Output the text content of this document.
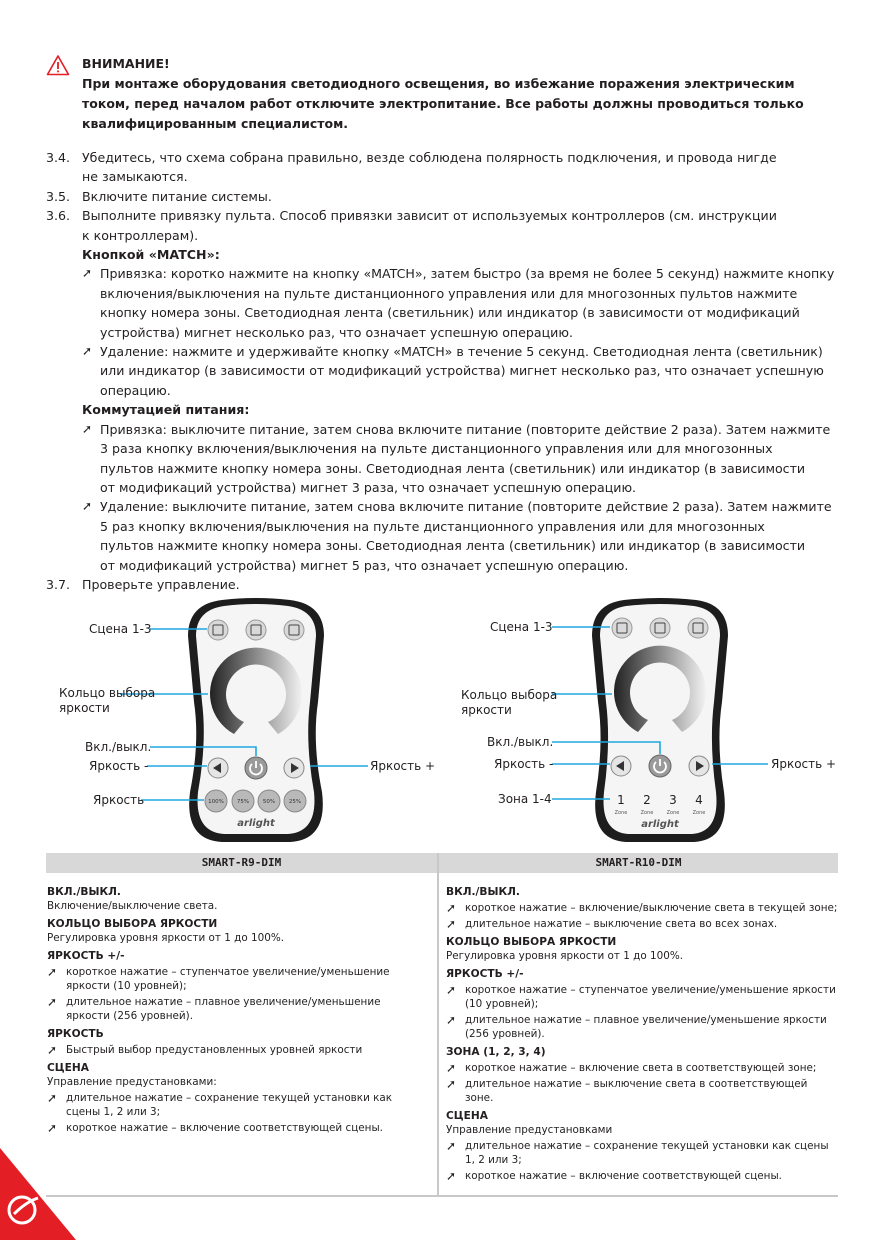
ВНИМАНИЕ!
При монтаже оборудования светодиодного освещения, во избежание поражения электрическим
током, перед началом работ отключите электропитание. Все работы должны проводиться только
квалифицированным специалистом.
3.4. Убедитесь, что схема собрана правильно, везде соблюдена полярность подключения, и провода нигде
не замыкаются.
3.5. Включите питание системы.
3.6. Выполните привязку пульта. Способ привязки зависит от используемых контроллеров (см. инструкции
к контроллерам).
Кнопкой «MATCH»:
➚ Привязка: коротко нажмите на кнопку «MATCH», затем быстро (за время не более 5 секунд) нажмите кнопку
включения/выключения на пульте дистанционного управления или для многозонных пультов нажмите
кнопку номера зоны. Светодиодная лента (светильник) или индикатор (в зависимости от модификаций
устройства) мигнет несколько раз, что означает успешную операцию.
➚ Удаление: нажмите и удерживайте кнопку «MATCH» в течение 5 секунд. Светодиодная лента (светильник)
или индикатор (в зависимости от модификаций устройства) мигнет несколько раз, что означает успешную
операцию.
Коммутацией питания:
➚ Привязка: выключите питание, затем снова включите питание (повторите действие 2 раза). Затем нажмите
3 раза кнопку включения/выключения на пульте дистанционного управления или для многозонных
пультов нажмите кнопку номера зоны. Светодиодная лента (светильник) или индикатор (в зависимости
от модификаций устройства) мигнет 3 раза, что означает успешную операцию.
➚ Удаление: выключите питание, затем снова включите питание (повторите действие 2 раза). Затем нажмите
5 раз кнопку включения/выключения на пульте дистанционного управления или для многозонных
пультов нажмите кнопку номера зоны. Светодиодная лента (светильник) или индикатор (в зависимости
от модификаций устройства) мигнет 5 раз, что означает успешную операцию.
3.7. Проверьте управление.
100% 75%	50%	25%
arlight
Сцена 1-3
Кольцо выбора
яркости
Вкл./выкл.
Яркость -	Яркость +
Яркость	1 2 3 4
Zone	Zone	Zone	Zone
arlight
Сцена 1-3
Кольцо выбора
яркости
Вкл./выкл.
Яркость -	Яркость +
Зона 1-4
SMART-R9-DIM	SMART-R10-DIM
ВКЛ./ВЫКЛ.
Включение/выключение света.
КОЛЬЦО ВЫБОРА ЯРКОСТИ
Регулировка уровня яркости от 1 до 100%.
ЯРКОСТЬ +/-
➚ короткое нажатие – ступенчатое увеличение/уменьшение
яркости (10 уровней);
➚ длительное нажатие – плавное увеличение/уменьшение
яркости (256 уровней).
ЯРКОСТЬ
➚ Быстрый выбор предустановленных уровней яркости
СЦЕНА
Управление предустановками:
➚ длительное нажатие – сохранение текущей установки как
сцены 1, 2 или 3;
➚ короткое нажатие – включение соответствующей сцены.
ВКЛ./ВЫКЛ.
➚ короткое нажатие – включение/выключение света в текущей зоне;
➚ длительное нажатие – выключение света во всех зонах.
КОЛЬЦО ВЫБОРА ЯРКОСТИ
Регулировка уровня яркости от 1 до 100%.
ЯРКОСТЬ +/-
➚ короткое нажатие – ступенчатое увеличение/уменьшение яркости
(10 уровней);
➚ длительное нажатие – плавное увеличение/уменьшение яркости
(256 уровней).
ЗОНА (1, 2, 3, 4)
➚ короткое нажатие – включение света в соответствующей зоне;
➚ длительное нажатие – выключение света в соответствующей зоне.
СЦЕНА
Управление предустановками
➚ длительное нажатие – сохранение текущей установки как сцены
1, 2 или 3;
➚ короткое нажатие – включение соответствующей сцены.
